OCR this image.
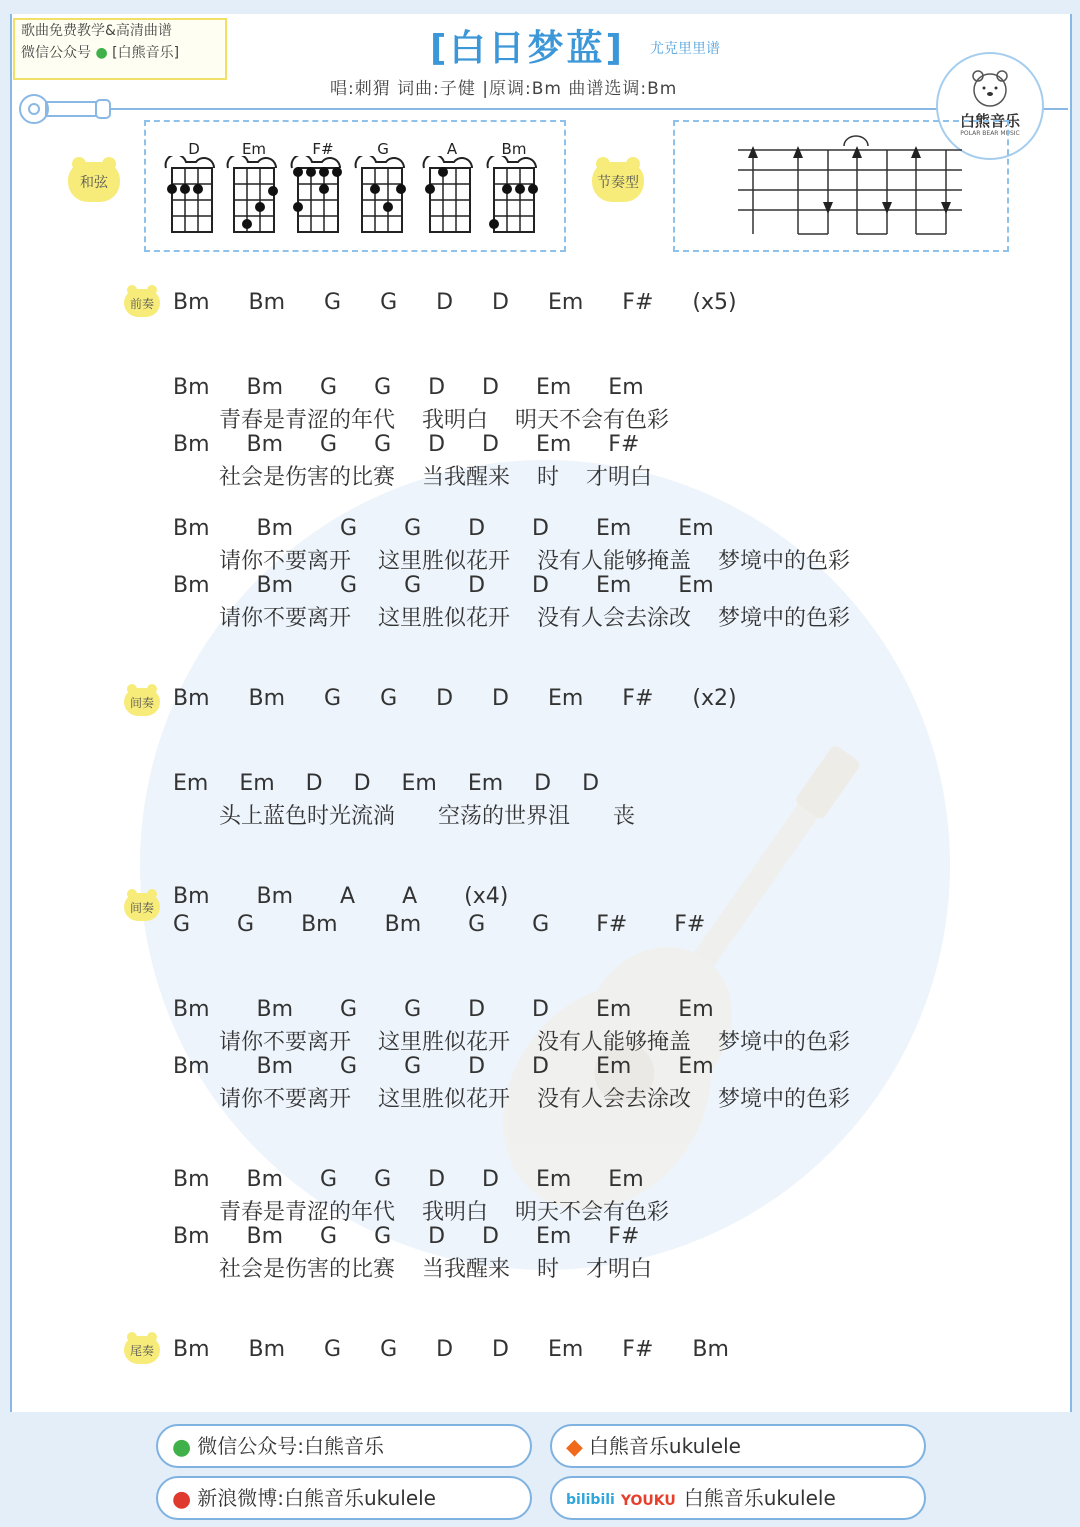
歌曲免费教学&高清曲谱
微信公众号 ● [白熊音乐]	[白日梦蓝] 尤克里里谱
唱:刺猬 词曲:子健 |原调:Bm 曲谱选调:Bm
白熊音乐
POLAR BEAR MUSIC
和弦
D	Em	F#	G	A	Bm
节奏型
前奏
间奏
间奏
尾奏
Bm Bm G G D D Em F# (x5)
Bm Bm G G D D Em Em
青春是青涩的年代 我明白 明天不会有色彩
Bm Bm G G D D Em F#
社会是伤害的比赛 当我醒来 时 才明白
Bm Bm G G D D Em Em
请你不要离开 这里胜似花开 没有人能够掩盖 梦境中的色彩
Bm Bm G G D D Em Em
请你不要离开 这里胜似花开 没有人会去涂改 梦境中的色彩
Bm Bm G G D D Em F# (x2)
Em Em D D Em Em D D
头上蓝色时光流淌 空荡的世界沮 丧
Bm Bm A A (x4)
G G Bm Bm G G F# F#
Bm Bm G G D D Em Em
请你不要离开 这里胜似花开 没有人能够掩盖 梦境中的色彩
Bm Bm G G D D Em Em
请你不要离开 这里胜似花开 没有人会去涂改 梦境中的色彩
Bm Bm G G D D Em Em
青春是青涩的年代 我明白 明天不会有色彩
Bm Bm G G D D Em F#
社会是伤害的比赛 当我醒来 时 才明白
Bm Bm G G D D Em F# Bm
● 微信公众号:白熊音乐	◆ 白熊音乐ukulele
● 新浪微博:白熊音乐ukulele	bilibili YOUKU 白熊音乐ukulele
